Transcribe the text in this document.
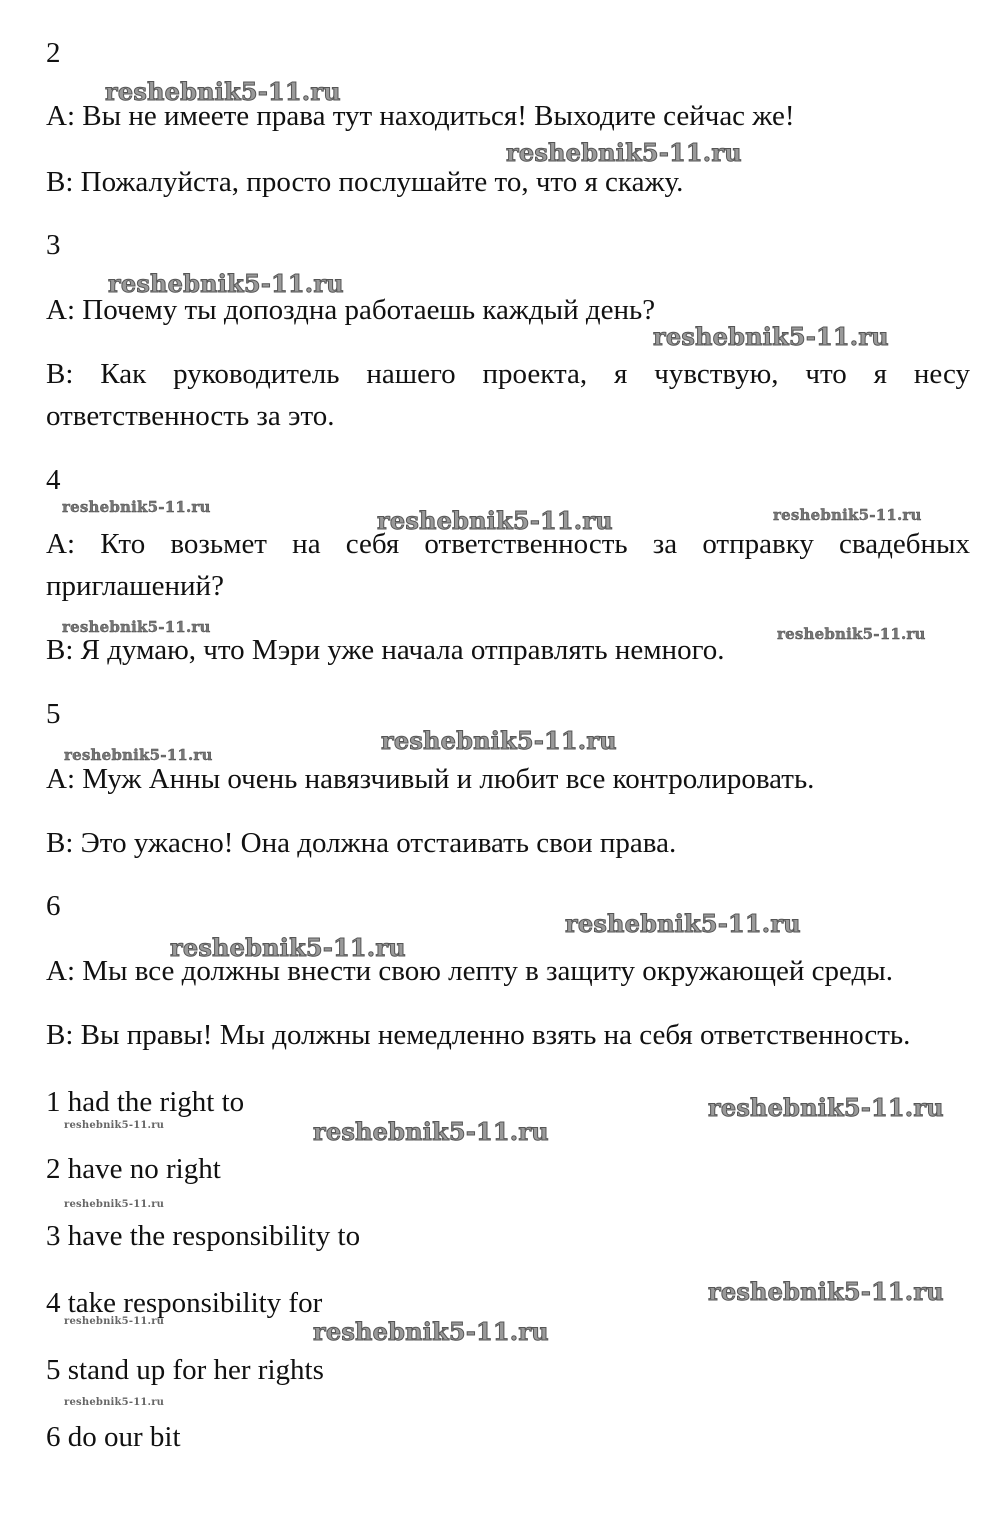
2
A: Вы не имеете права тут находиться! Выходите сейчас же!
B: Пожалуйста, просто послушайте то, что я скажу.
3
A: Почему ты допоздна работаешь каждый день?
B: Как руководитель нашего проекта, я чувствую, что я несу ответственность за это.
4
A: Кто возьмет на себя ответственность за отправку свадебных приглашений?
B: Я думаю, что Мэри уже начала отправлять немного.
5
A: Муж Анны очень навязчивый и любит все контролировать.
B: Это ужасно! Она должна отстаивать свои права.
6
A: Мы все должны внести свою лепту в защиту окружающей среды.
B: Вы правы! Мы должны немедленно взять на себя ответственность.
1 had the right to
2 have no right
3 have the responsibility to
4 take responsibility for
5 stand up for her rights
6 do our bit
reshebnik5-11.ru
reshebnik5-11.ru
reshebnik5-11.ru
reshebnik5-11.ru
reshebnik5-11.ru	reshebnik5-11.ru	reshebnik5-11.ru
reshebnik5-11.ru	reshebnik5-11.ru
reshebnik5-11.ru
reshebnik5-11.ru
reshebnik5-11.ru
reshebnik5-11.ru
reshebnik5-11.ru
reshebnik5-11.ru	reshebnik5-11.ru
reshebnik5-11.ru
reshebnik5-11.ru
reshebnik5-11.ru	reshebnik5-11.ru
reshebnik5-11.ru
